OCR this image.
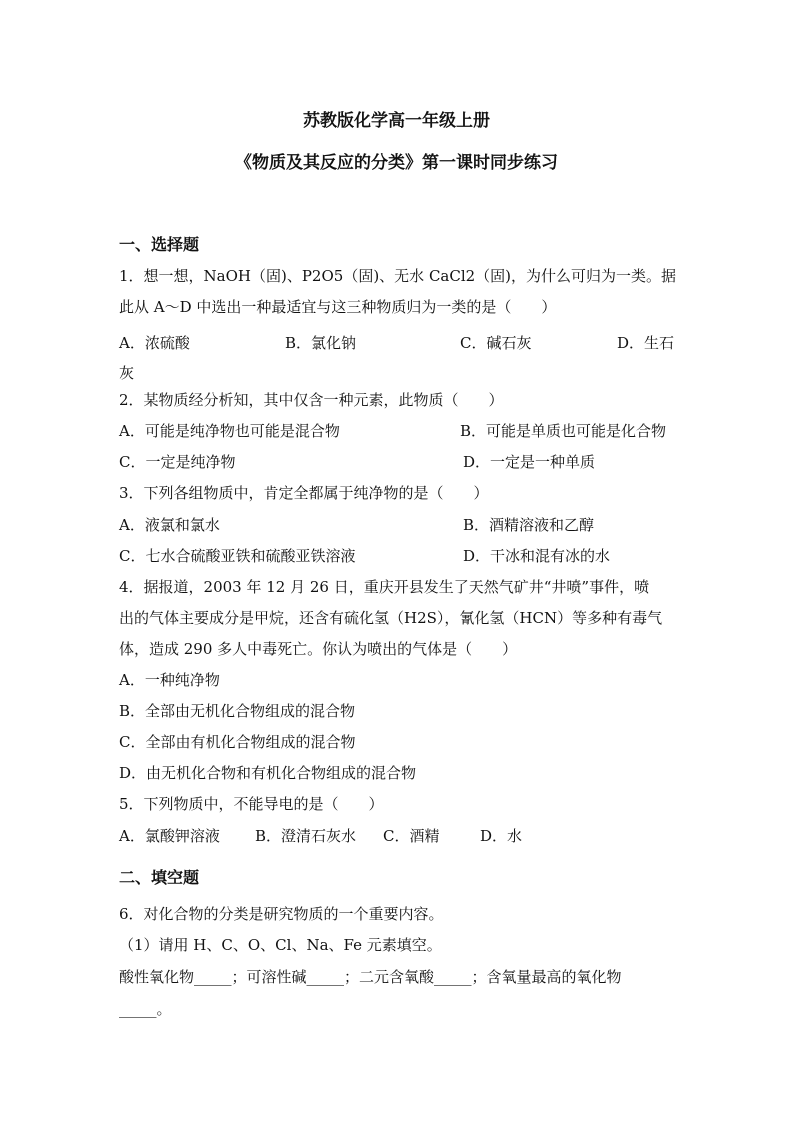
苏教版化学高一年级上册
《物质及其反应的分类》第一课时同步练习
一、选择题
1．想一想，NaOH（固)、P2O5（固)、无水 CaCl2（固)，为什么可归为一类。据
此从 A～D 中选出一种最适宜与这三种物质归为一类的是（　　）
A．浓硫酸	B．氯化钠	C．碱石灰	D．生石
灰
2．某物质经分析知，其中仅含一种元素，此物质（　　）
A．可能是纯净物也可能是混合物	B．可能是单质也可能是化合物
C．一定是纯净物	D．一定是一种单质
3．下列各组物质中，肯定全都属于纯净物的是（　　）
A．液氯和氯水	B．酒精溶液和乙醇
C．七水合硫酸亚铁和硫酸亚铁溶液	D．干冰和混有冰的水
4．据报道，2003 年 12 月 26 日，重庆开县发生了天然气矿井“井喷”事件，喷
出的气体主要成分是甲烷，还含有硫化氢（H2S），氰化氢（HCN）等多种有毒气
体，造成 290 多人中毒死亡。你认为喷出的气体是（　　）
A．一种纯净物
B．全部由无机化合物组成的混合物
C．全部由有机化合物组成的混合物
D．由无机化合物和有机化合物组成的混合物
5．下列物质中，不能导电的是（　　）
A．氯酸钾溶液 B．澄清石灰水 C．酒精	D．水
二、填空题
6．对化合物的分类是研究物质的一个重要内容。
（1）请用 H、C、O、Cl、Na、Fe 元素填空。
酸性氧化物_____；可溶性碱_____；二元含氧酸_____；含氧量最高的氧化物
_____。
